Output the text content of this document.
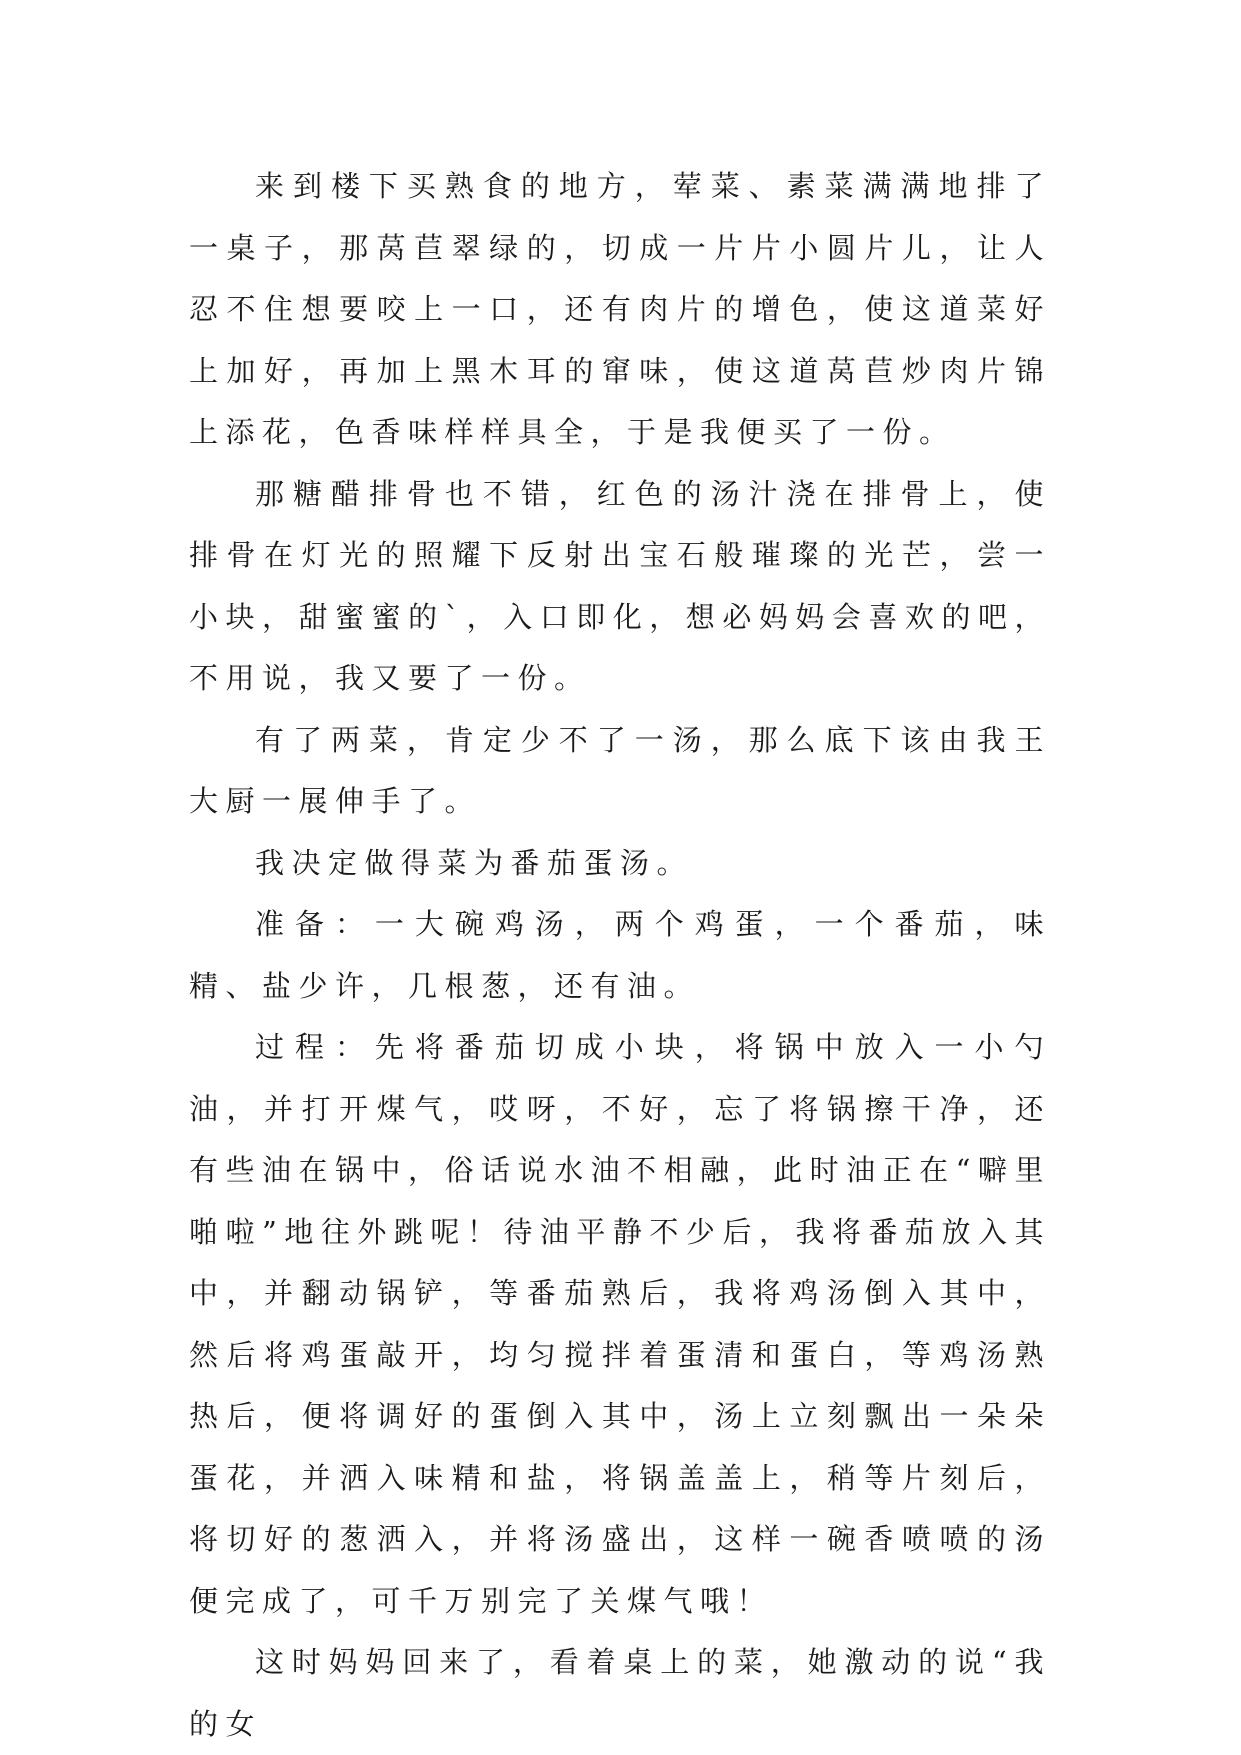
来到楼下买熟食的地方，荤菜、素菜满满地排了一桌子，那莴苣翠绿的，切成一片片小圆片儿，让人忍不住想要咬上一口，还有肉片的增色，使这道菜好上加好，再加上黑木耳的窜味，使这道莴苣炒肉片锦上添花，色香味样样具全，于是我便买了一份。

那糖醋排骨也不错，红色的汤汁浇在排骨上，使排骨在灯光的照耀下反射出宝石般璀璨的光芒，尝一小块，甜蜜蜜的`，入口即化，想必妈妈会喜欢的吧，不用说，我又要了一份。

有了两菜，肯定少不了一汤，那么底下该由我王大厨一展伸手了。

我决定做得菜为番茄蛋汤。

准备：一大碗鸡汤，两个鸡蛋，一个番茄，味精、盐少许，几根葱，还有油。

过程：先将番茄切成小块，将锅中放入一小勺油，并打开煤气，哎呀，不好，忘了将锅擦干净，还有些油在锅中，俗话说水油不相融，此时油正在“噼里啪啦”地往外跳呢！待油平静不少后，我将番茄放入其中，并翻动锅铲，等番茄熟后，我将鸡汤倒入其中，然后将鸡蛋敲开，均匀搅拌着蛋清和蛋白，等鸡汤熟热后，便将调好的蛋倒入其中，汤上立刻飘出一朵朵蛋花，并洒入味精和盐，将锅盖盖上，稍等片刻后，将切好的葱洒入，并将汤盛出，这样一碗香喷喷的汤便完成了，可千万别完了关煤气哦！

这时妈妈回来了，看着桌上的菜，她激动的说“我的女
